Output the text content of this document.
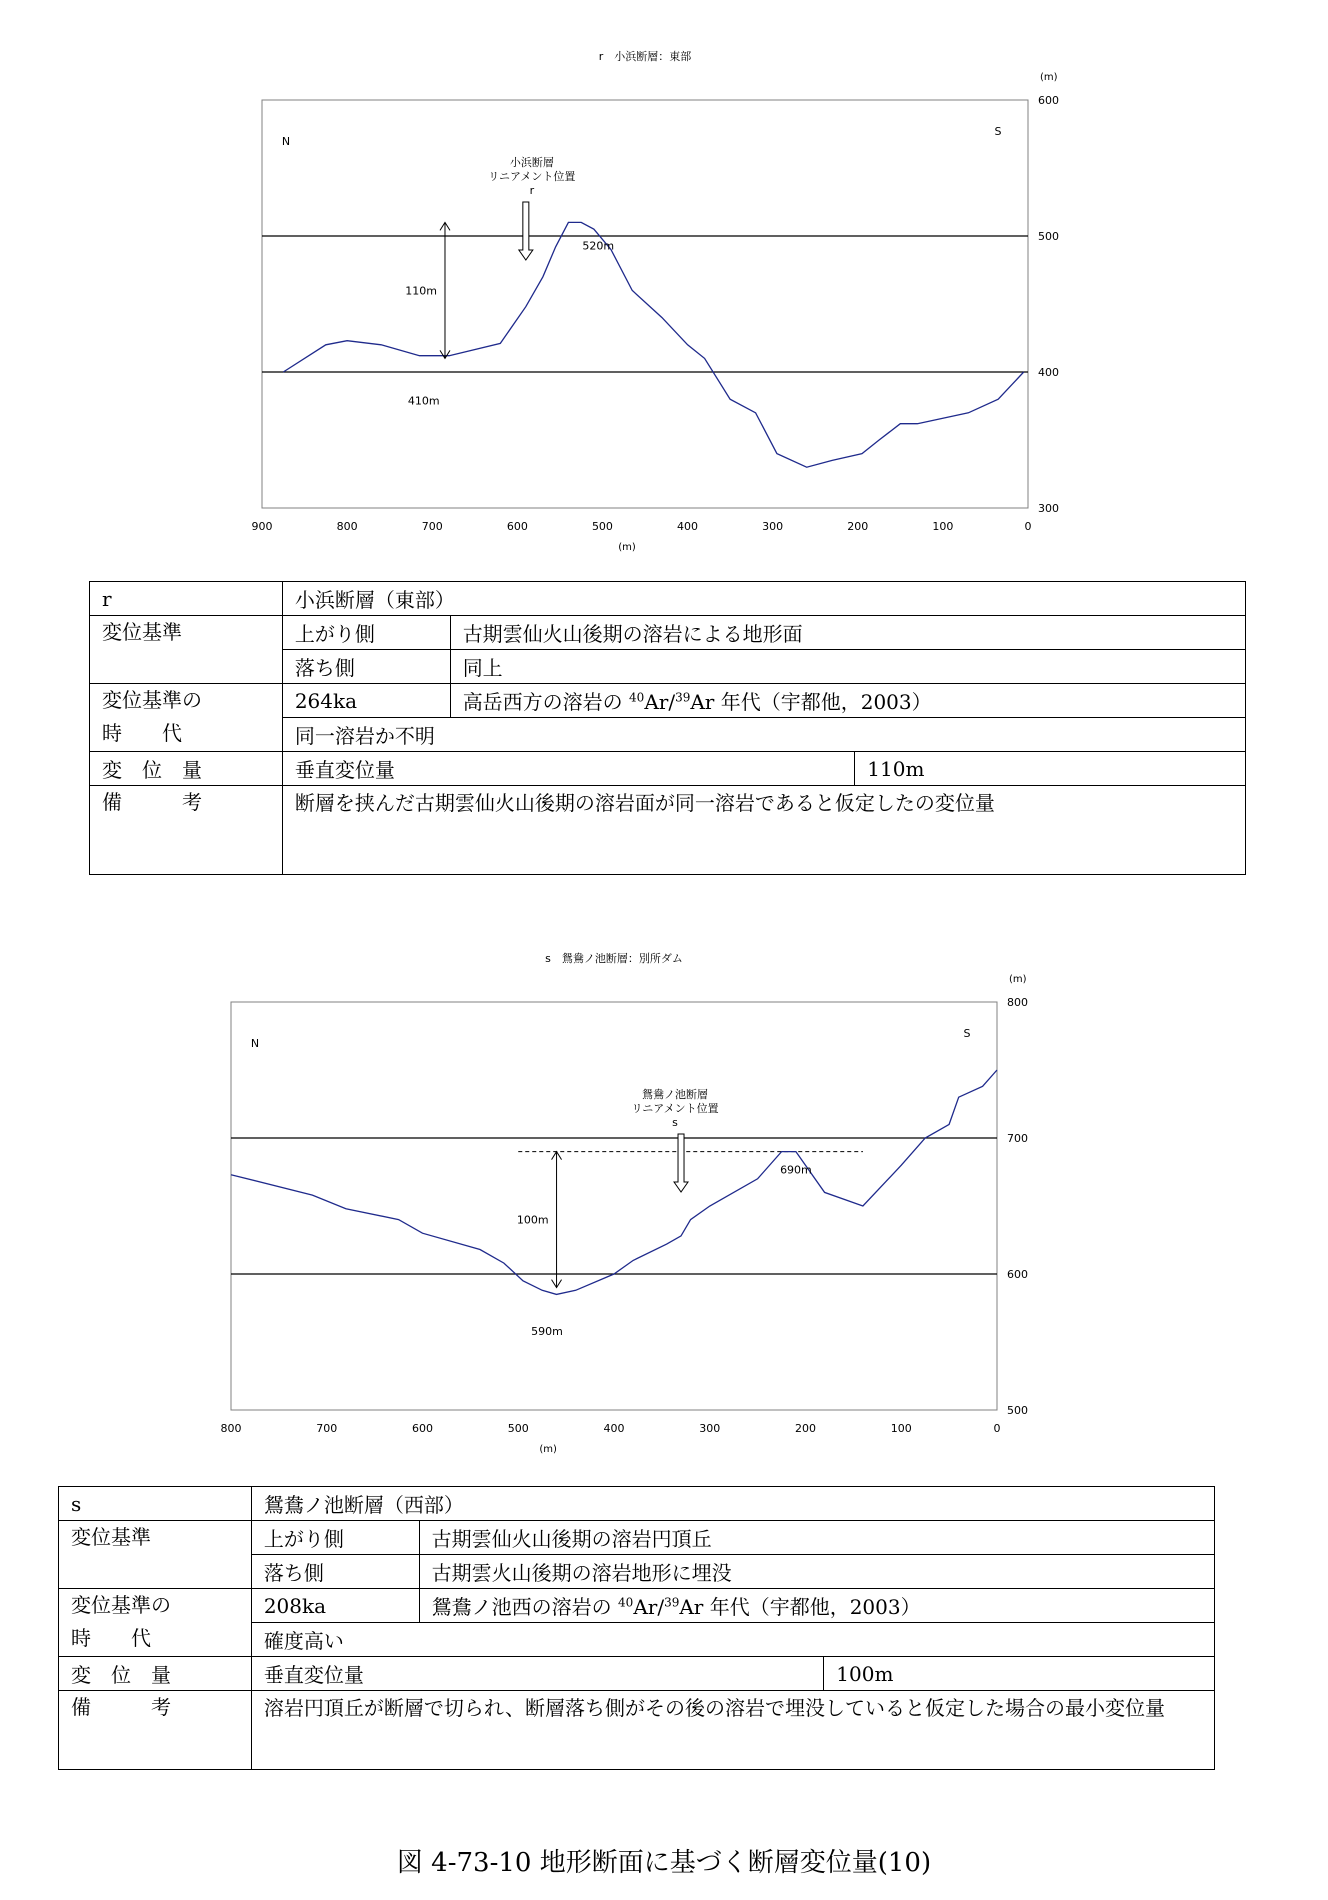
r　小浜断層：東部
300
400
500
600
(m)
900	800	700	600	500	400	300	200	100	0
(m)
N
S
110m
小浜断層
リニアメント位置
r
520m
410m
r	小浜断層（東部）		
変位基準	上がり側	古期雲仙火山後期の溶岩による地形面	
	落ち側	同上	

変位基準の
時　　代	264ka	高岳西方の溶岩の $^{40}$Ar/$^{39}$Ar 年代（宇都他，2003）	
	同一溶岩か不明		
変　位　量	垂直変位量		110m
備　　　考	断層を挟んだ古期雲仙火山後期の溶岩面が同一溶岩であると仮定したの変位量		
s　鴛鴦ノ池断層：別所ダム
500
600
700
800
(m)
800	700	600	500	400	300	200	100	0
(m)
N
S
100m
鴛鴦ノ池断層
リニアメント位置
s
690m
590m
s	鴛鴦ノ池断層（西部）		
変位基準	上がり側	古期雲仙火山後期の溶岩円頂丘	
	落ち側	古期雲火山後期の溶岩地形に埋没	

変位基準の
時　　代	208ka	鴛鴦ノ池西の溶岩の $^{40}$Ar/$^{39}$Ar 年代（宇都他，2003）	
	確度高い		
変　位　量	垂直変位量		100m
備　　　考	溶岩円頂丘が断層で切られ、断層落ち側がその後の溶岩で埋没していると仮定した場合の最小変位量		
図 4-73-10 地形断面に基づく断層変位量(10)
